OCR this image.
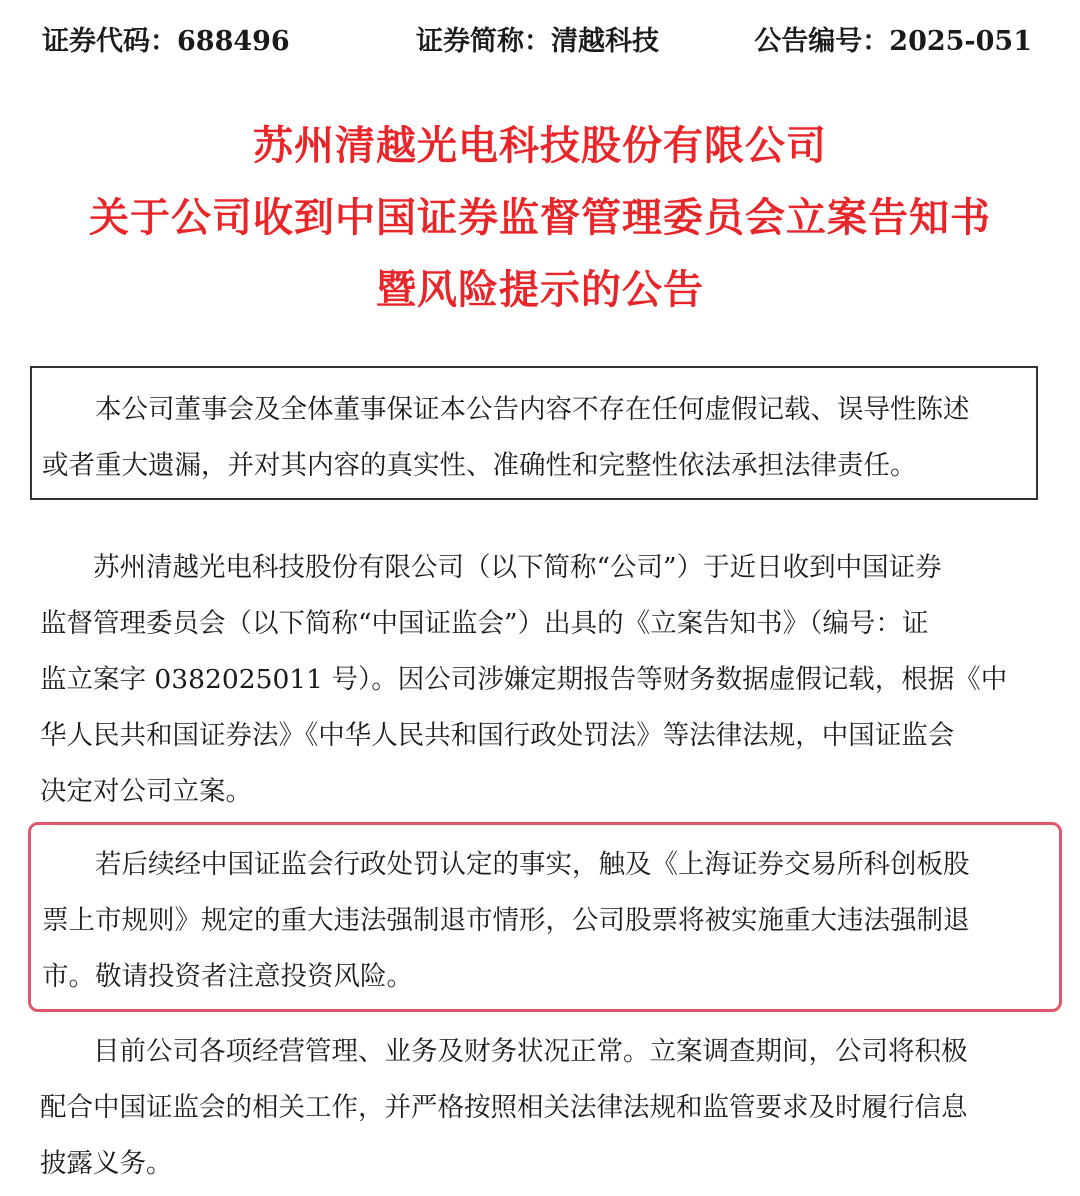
证券代码：688496	证券简称：清越科技	公告编号：2025-051
苏州清越光电科技股份有限公司
关于公司收到中国证券监督管理委员会立案告知书
暨风险提示的公告
本公司董事会及全体董事保证本公告内容不存在任何虚假记载、误导性陈述
或者重大遗漏，并对其内容的真实性、准确性和完整性依法承担法律责任。
苏州清越光电科技股份有限公司（以下简称“公司”）于近日收到中国证券
监督管理委员会（以下简称“中国证监会”）出具的《立案告知书》（编号：证
监立案字 0382025011 号）。因公司涉嫌定期报告等财务数据虚假记载，根据《中
华人民共和国证券法》《中华人民共和国行政处罚法》等法律法规，中国证监会
决定对公司立案。
若后续经中国证监会行政处罚认定的事实，触及《上海证券交易所科创板股
票上市规则》规定的重大违法强制退市情形，公司股票将被实施重大违法强制退
市。敬请投资者注意投资风险。
目前公司各项经营管理、业务及财务状况正常。立案调查期间，公司将积极
配合中国证监会的相关工作，并严格按照相关法律法规和监管要求及时履行信息
披露义务。
